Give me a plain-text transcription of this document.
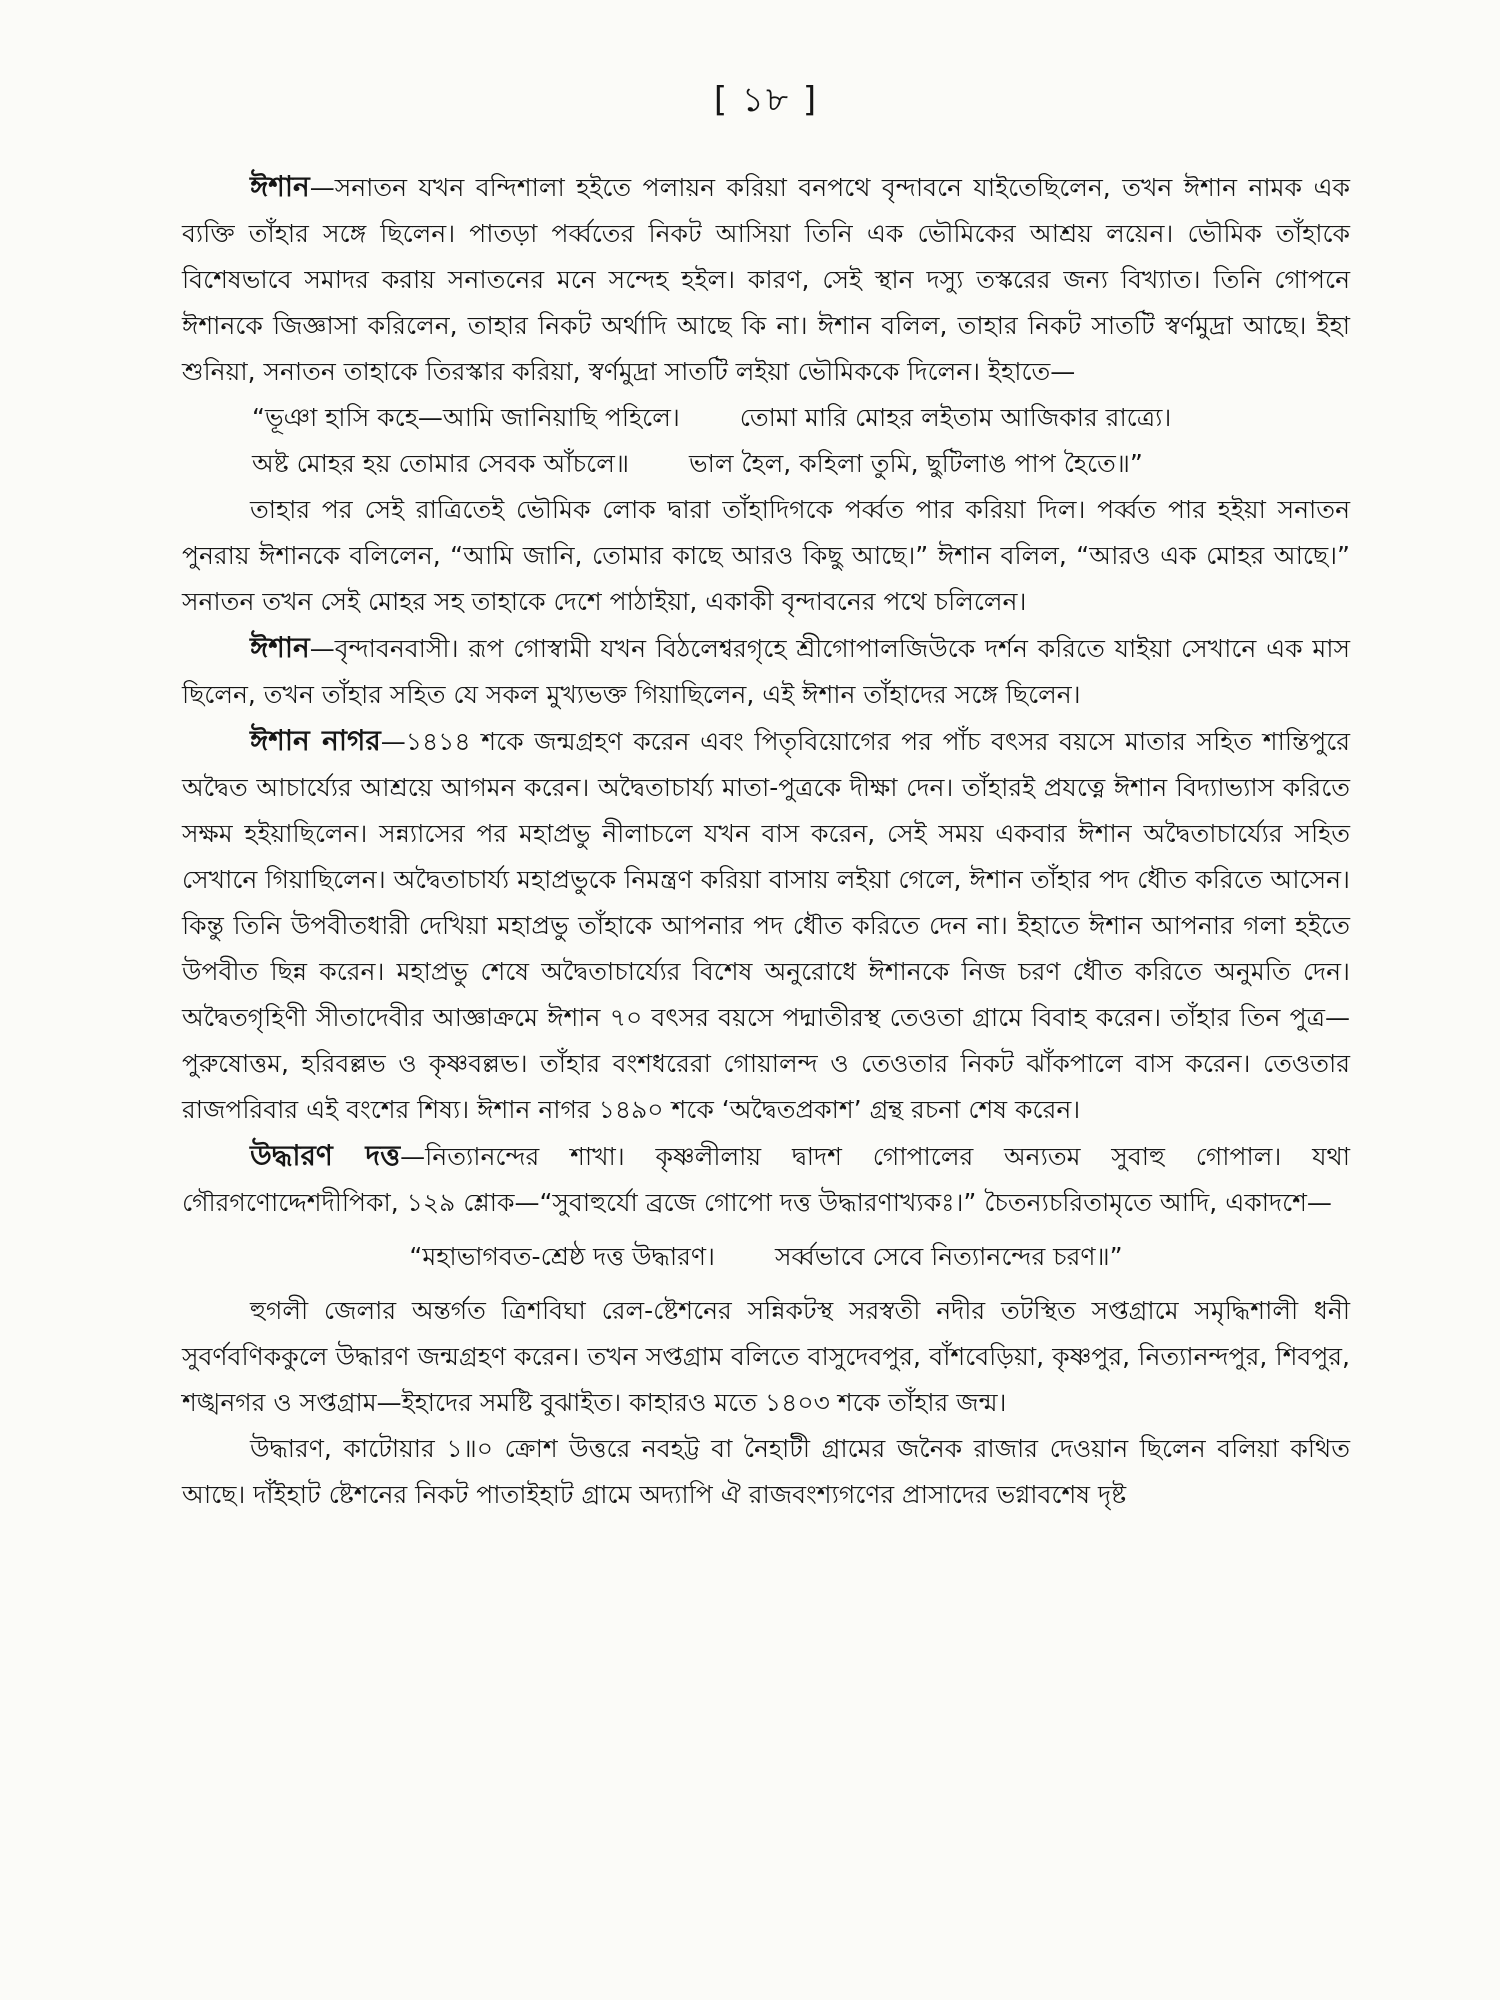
[ ১৮ ]

ঈশান—সনাতন যখন বন্দিশালা হইতে পলায়ন করিয়া বনপথে বৃন্দাবনে যাইতেছিলেন, তখন ঈশান নামক এক ব্যক্তি তাঁহার সঙ্গে ছিলেন। পাতড়া পর্ব্বতের নিকট আসিয়া তিনি এক ভৌমিকের আশ্রয় লয়েন। ভৌমিক তাঁহাকে বিশেষভাবে সমাদর করায় সনাতনের মনে সন্দেহ হইল। কারণ, সেই স্থান দস্যু তস্করের জন্য বিখ্যাত। তিনি গোপনে ঈশানকে জিজ্ঞাসা করিলেন, তাহার নিকট অর্থাদি আছে কি না। ঈশান বলিল, তাহার নিকট সাতটি স্বর্ণমুদ্রা আছে। ইহা শুনিয়া, সনাতন তাহাকে তিরস্কার করিয়া, স্বর্ণমুদ্রা সাতটি লইয়া ভৌমিককে দিলেন। ইহাতে—

“ভূঞা হাসি কহে—আমি জানিয়াছি পহিলে। তোমা মারি মোহর লইতাম আজিকার রাত্র্যে।
অষ্ট মোহর হয় তোমার সেবক আঁচলে॥ ভাল হৈল, কহিলা তুমি, ছুটিলাঙ পাপ হৈতে॥”

তাহার পর সেই রাত্রিতেই ভৌমিক লোক দ্বারা তাঁহাদিগকে পর্ব্বত পার করিয়া দিল। পর্ব্বত পার হইয়া সনাতন পুনরায় ঈশানকে বলিলেন, “আমি জানি, তোমার কাছে আরও কিছু আছে।” ঈশান বলিল, “আরও এক মোহর আছে।” সনাতন তখন সেই মোহর সহ তাহাকে দেশে পাঠাইয়া, একাকী বৃন্দাবনের পথে চলিলেন।

ঈশান—বৃন্দাবনবাসী। রূপ গোস্বামী যখন বিঠলেশ্বরগৃহে শ্রীগোপালজিউকে দর্শন করিতে যাইয়া সেখানে এক মাস ছিলেন, তখন তাঁহার সহিত যে সকল মুখ্যভক্ত গিয়াছিলেন, এই ঈশান তাঁহাদের সঙ্গে ছিলেন।

ঈশান নাগর—১৪১৪ শকে জন্মগ্রহণ করেন এবং পিতৃবিয়োগের পর পাঁচ বৎসর বয়সে মাতার সহিত শান্তিপুরে অদ্বৈত আচার্য্যের আশ্রয়ে আগমন করেন। অদ্বৈতাচার্য্য মাতা-পুত্রকে দীক্ষা দেন। তাঁহারই প্রযত্নে ঈশান বিদ্যাভ্যাস করিতে সক্ষম হইয়াছিলেন। সন্ন্যাসের পর মহাপ্রভু নীলাচলে যখন বাস করেন, সেই সময় একবার ঈশান অদ্বৈতাচার্য্যের সহিত সেখানে গিয়াছিলেন। অদ্বৈতাচার্য্য মহাপ্রভুকে নিমন্ত্রণ করিয়া বাসায় লইয়া গেলে, ঈশান তাঁহার পদ ধৌত করিতে আসেন। কিন্তু তিনি উপবীতধারী দেখিয়া মহাপ্রভু তাঁহাকে আপনার পদ ধৌত করিতে দেন না। ইহাতে ঈশান আপনার গলা হইতে উপবীত ছিন্ন করেন। মহাপ্রভু শেষে অদ্বৈতাচার্য্যের বিশেষ অনুরোধে ঈশানকে নিজ চরণ ধৌত করিতে অনুমতি দেন। অদ্বৈতগৃহিণী সীতাদেবীর আজ্ঞাক্রমে ঈশান ৭০ বৎসর বয়সে পদ্মাতীরস্থ তেওতা গ্রামে বিবাহ করেন। তাঁহার তিন পুত্র—পুরুষোত্তম, হরিবল্লভ ও কৃষ্ণবল্লভ। তাঁহার বংশধরেরা গোয়ালন্দ ও তেওতার নিকট ঝাঁকপালে বাস করেন। তেওতার রাজপরিবার এই বংশের শিষ্য। ঈশান নাগর ১৪৯০ শকে ‘অদ্বৈতপ্রকাশ’ গ্রন্থ রচনা শেষ করেন।

উদ্ধারণ দত্ত—নিত্যানন্দের শাখা। কৃষ্ণলীলায় দ্বাদশ গোপালের অন্যতম সুবাহু গোপাল। যথা গৌরগণোদ্দেশদীপিকা, ১২৯ শ্লোক—“সুবাহুর্যো ব্রজে গোপো দত্ত উদ্ধারণাখ্যকঃ।” চৈতন্যচরিতামৃতে আদি, একাদশে—

“মহাভাগবত-শ্রেষ্ঠ দত্ত উদ্ধারণ। সর্ব্বভাবে সেবে নিত্যানন্দের চরণ॥”

হুগলী জেলার অন্তর্গত ত্রিশবিঘা রেল-ষ্টেশনের সন্নিকটস্থ সরস্বতী নদীর তটস্থিত সপ্তগ্রামে সমৃদ্ধিশালী ধনী সুবর্ণবণিককুলে উদ্ধারণ জন্মগ্রহণ করেন। তখন সপ্তগ্রাম বলিতে বাসুদেবপুর, বাঁশবেড়িয়া, কৃষ্ণপুর, নিত্যানন্দপুর, শিবপুর, শঙ্খনগর ও সপ্তগ্রাম—ইহাদের সমষ্টি বুঝাইত। কাহারও মতে ১৪০৩ শকে তাঁহার জন্ম।

উদ্ধারণ, কাটোয়ার ১॥০ ক্রোশ উত্তরে নবহট্ট বা নৈহাটী গ্রামের জনৈক রাজার দেওয়ান ছিলেন বলিয়া কথিত আছে। দাঁইহাট ষ্টেশনের নিকট পাতাইহাট গ্রামে অদ্যাপি ঐ রাজবংশ্যগণের প্রাসাদের ভগ্নাবশেষ দৃষ্ট
